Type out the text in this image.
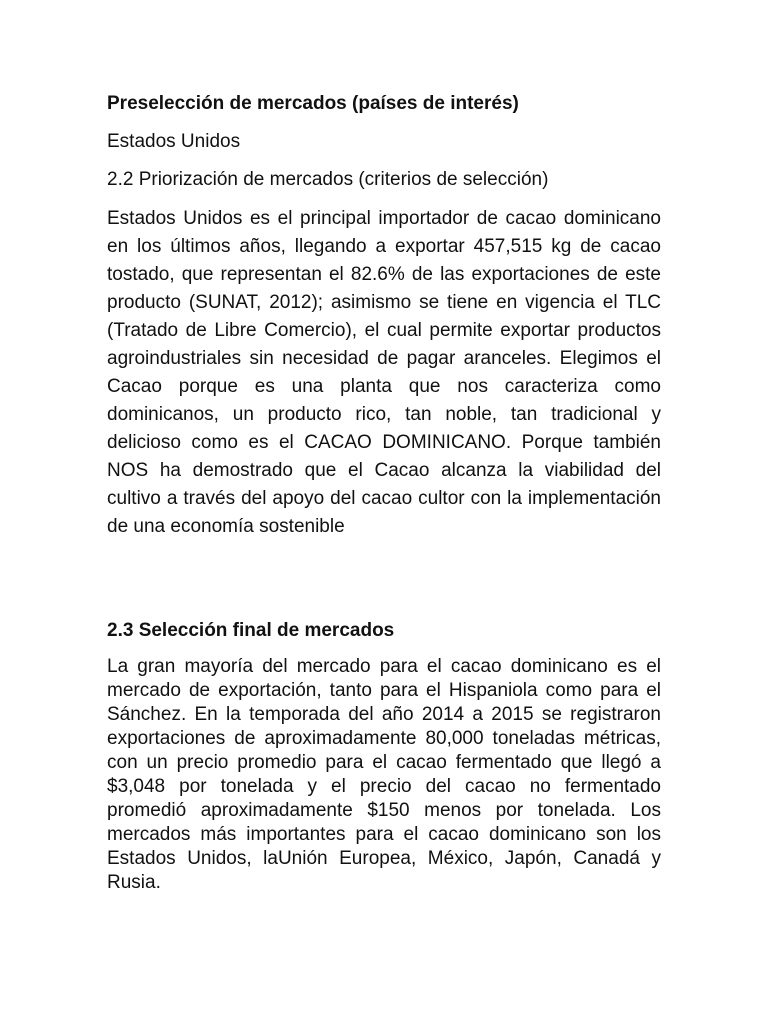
Preselección de mercados (países de interés)

Estados Unidos

2.2 Priorización de mercados (criterios de selección)

Estados Unidos es el principal importador de cacao dominicano en los últimos años, llegando a exportar 457,515 kg de cacao tostado, que representan el 82.6% de las exportaciones de este producto (SUNAT, 2012); asimismo se tiene en vigencia el TLC (Tratado de Libre Comercio), el cual permite exportar productos agroindustriales sin necesidad de pagar aranceles. Elegimos el Cacao porque es una planta que nos caracteriza como dominicanos, un producto rico, tan noble, tan tradicional y delicioso como es el CACAO DOMINICANO. Porque también NOS ha demostrado que el Cacao alcanza la viabilidad del cultivo a través del apoyo del cacao cultor con la implementación de una economía sostenible

2.3 Selección final de mercados

La gran mayoría del mercado para el cacao dominicano es el mercado de exportación, tanto para el Hispaniola como para el Sánchez. En la temporada del año 2014 a 2015 se registraron exportaciones de aproximadamente 80,000 toneladas métricas, con un precio promedio para el cacao fermentado que llegó a $3,048 por tonelada y el precio del cacao no fermentado promedió aproximadamente $150 menos por tonelada. Los mercados más importantes para el cacao dominicano son los Estados Unidos, laUnión Europea, México, Japón, Canadá y Rusia.
